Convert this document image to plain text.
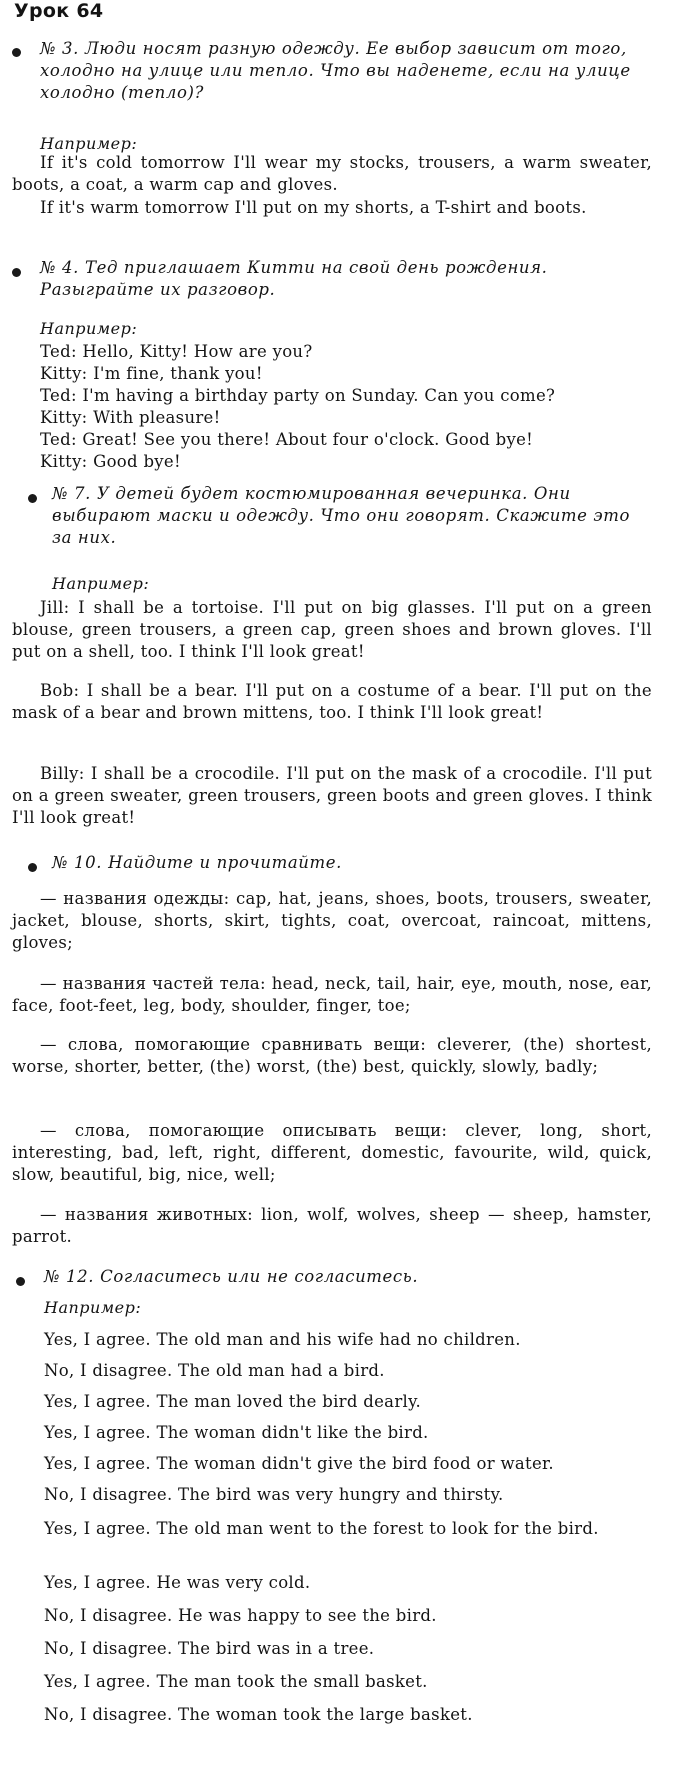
Урок 64
№ 3. Люди носят разную одежду. Ее выбор зависит от того, холодно на улице или тепло. Что вы наденете, если на улице холодно (тепло)?
Например:
If it's cold tomorrow I'll wear my stocks, trousers, a warm sweater, boots, a coat, a warm cap and gloves.
If it's warm tomorrow I'll put on my shorts, a T-shirt and boots.
№ 4. Тед приглашает Китти на свой день рождения. Разыграйте их разговор.
Например:
Ted: Hello, Kitty! How are you?
Kitty: I'm fine, thank you!
Ted: I'm having a birthday party on Sunday. Can you come?
Kitty: With pleasure!
Ted: Great! See you there! About four o'clock. Good bye!
Kitty: Good bye!
№ 7. У детей будет костюмированная вечеринка. Они выбирают маски и одежду. Что они говорят. Скажите это за них.
Например:
Jill: I shall be a tortoise. I'll put on big glasses. I'll put on a green blouse, green trousers, a green cap, green shoes and brown gloves. I'll put on a shell, too. I think I'll look great!
Bob: I shall be a bear. I'll put on a costume of a bear. I'll put on the mask of a bear and brown mittens, too. I think I'll look great!
Billy: I shall be a crocodile. I'll put on the mask of a crocodile. I'll put on a green sweater, green trousers, green boots and green gloves. I think I'll look great!
№ 10. Найдите и прочитайте.
— названия одежды: cap, hat, jeans, shoes, boots, trousers, sweater, jacket, blouse, shorts, skirt, tights, coat, overcoat, raincoat, mittens, gloves;
— названия частей тела: head, neck, tail, hair, eye, mouth, nose, ear, face, foot-feet, leg, body, shoulder, finger, toe;
— слова, помогающие сравнивать вещи: cleverer, (the) shortest, worse, shorter, better, (the) worst, (the) best, quickly, slowly, badly;
— слова, помогающие описывать вещи: clever, long, short, interesting, bad, left, right, different, domestic, favourite, wild, quick, slow, beautiful, big, nice, well;
— названия животных: lion, wolf, wolves, sheep — sheep, hamster, parrot.
№ 12. Согласитесь или не согласитесь.
Например:
Yes, I agree. The old man and his wife had no children.
No, I disagree. The old man had a bird.
Yes, I agree. The man loved the bird dearly.
Yes, I agree. The woman didn't like the bird.
Yes, I agree. The woman didn't give the bird food or water.
No, I disagree. The bird was very hungry and thirsty.
Yes, I agree. The old man went to the forest to look for the bird.
Yes, I agree. He was very cold.
No, I disagree. He was happy to see the bird.
No, I disagree. The bird was in a tree.
Yes, I agree. The man took the small basket.
No, I disagree. The woman took the large basket.
